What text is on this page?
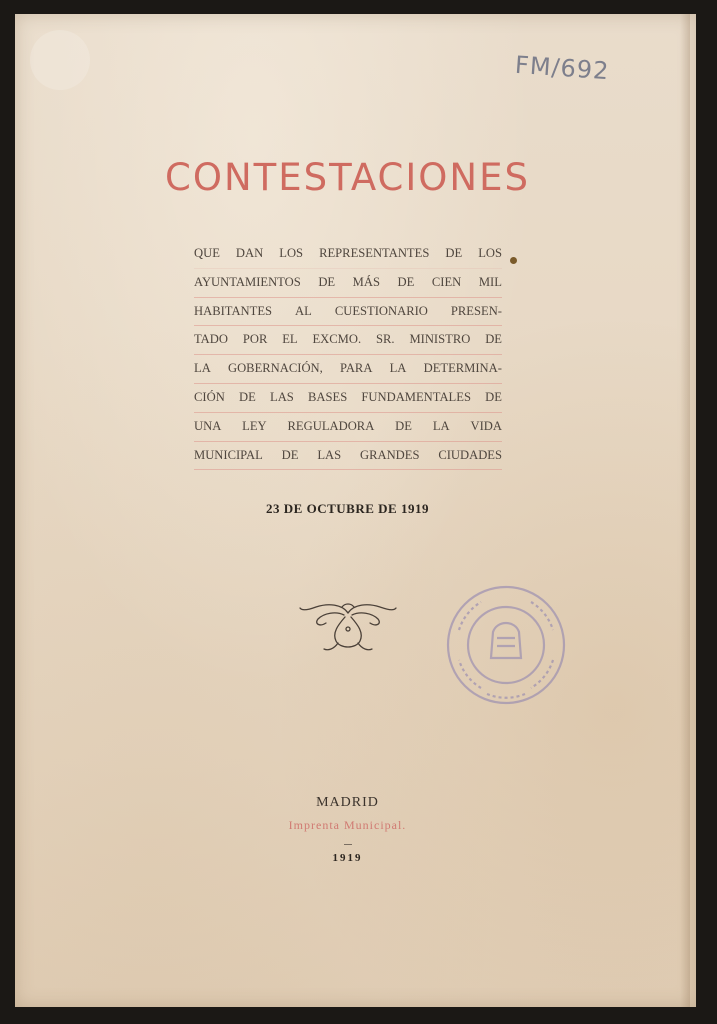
FM/692

CONTESTACIONES
QUE DAN LOS REPRESENTANTES DE LOS
AYUNTAMIENTOS DE MÁS DE CIEN MIL
HABITANTES AL CUESTIONARIO PRESEN-
TADO POR EL EXCMO. SR. MINISTRO DE
LA GOBERNACIÓN, PARA LA DETERMINA-
CIÓN DE LAS BASES FUNDAMENTALES DE
UNA LEY REGULADORA DE LA VIDA
MUNICIPAL DE LAS GRANDES CIUDADES

23 DE OCTUBRE DE 1919

MADRID

Imprenta Municipal.

1919
